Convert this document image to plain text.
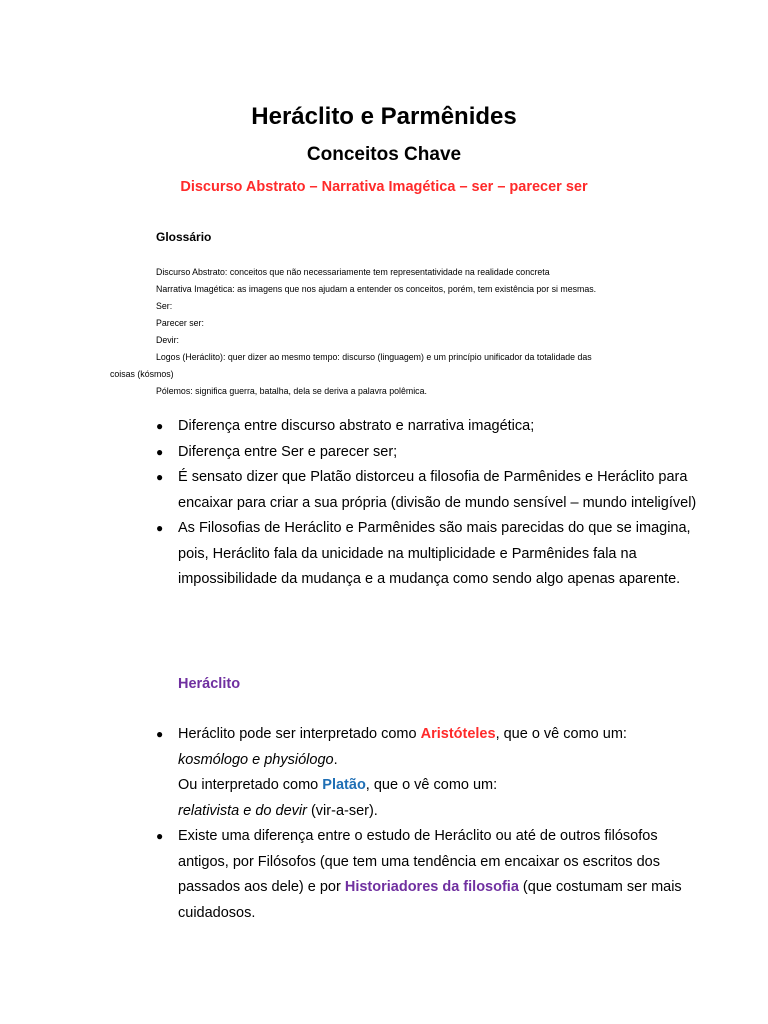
Heráclito e Parmênides
Conceitos Chave
Discurso Abstrato – Narrativa Imagética – ser – parecer ser
Glossário
Discurso Abstrato: conceitos que não necessariamente tem representatividade na realidade concreta
Narrativa Imagética: as imagens que nos ajudam a entender os conceitos, porém, tem existência por si mesmas.
Ser:
Parecer ser:
Devir:
Logos (Heráclito): quer dizer ao mesmo tempo: discurso (linguagem) e um princípio unificador da totalidade das
coisas (kósmos)
Pólemos: significa guerra, batalha, dela se deriva a palavra polêmica.
● Diferença entre discurso abstrato e narrativa imagética;
● Diferença entre Ser e parecer ser;
● É sensato dizer que Platão distorceu a filosofia de Parmênides e Heráclito para encaixar para criar a sua própria (divisão de mundo sensível – mundo inteligível)
● As Filosofias de Heráclito e Parmênides são mais parecidas do que se imagina, pois, Heráclito fala da unicidade na multiplicidade e Parmênides fala na impossibilidade da mudança e a mudança como sendo algo apenas aparente.
Heráclito
● Heráclito pode ser interpretado como Aristóteles, que o vê como um:
kosmólogo e physiólogo.
Ou interpretado como Platão, que o vê como um:
relativista e do devir (vir-a-ser).
● Existe uma diferença entre o estudo de Heráclito ou até de outros filósofos antigos, por Filósofos (que tem uma tendência em encaixar os escritos dos passados aos dele) e por Historiadores da filosofia (que costumam ser mais cuidadosos.
